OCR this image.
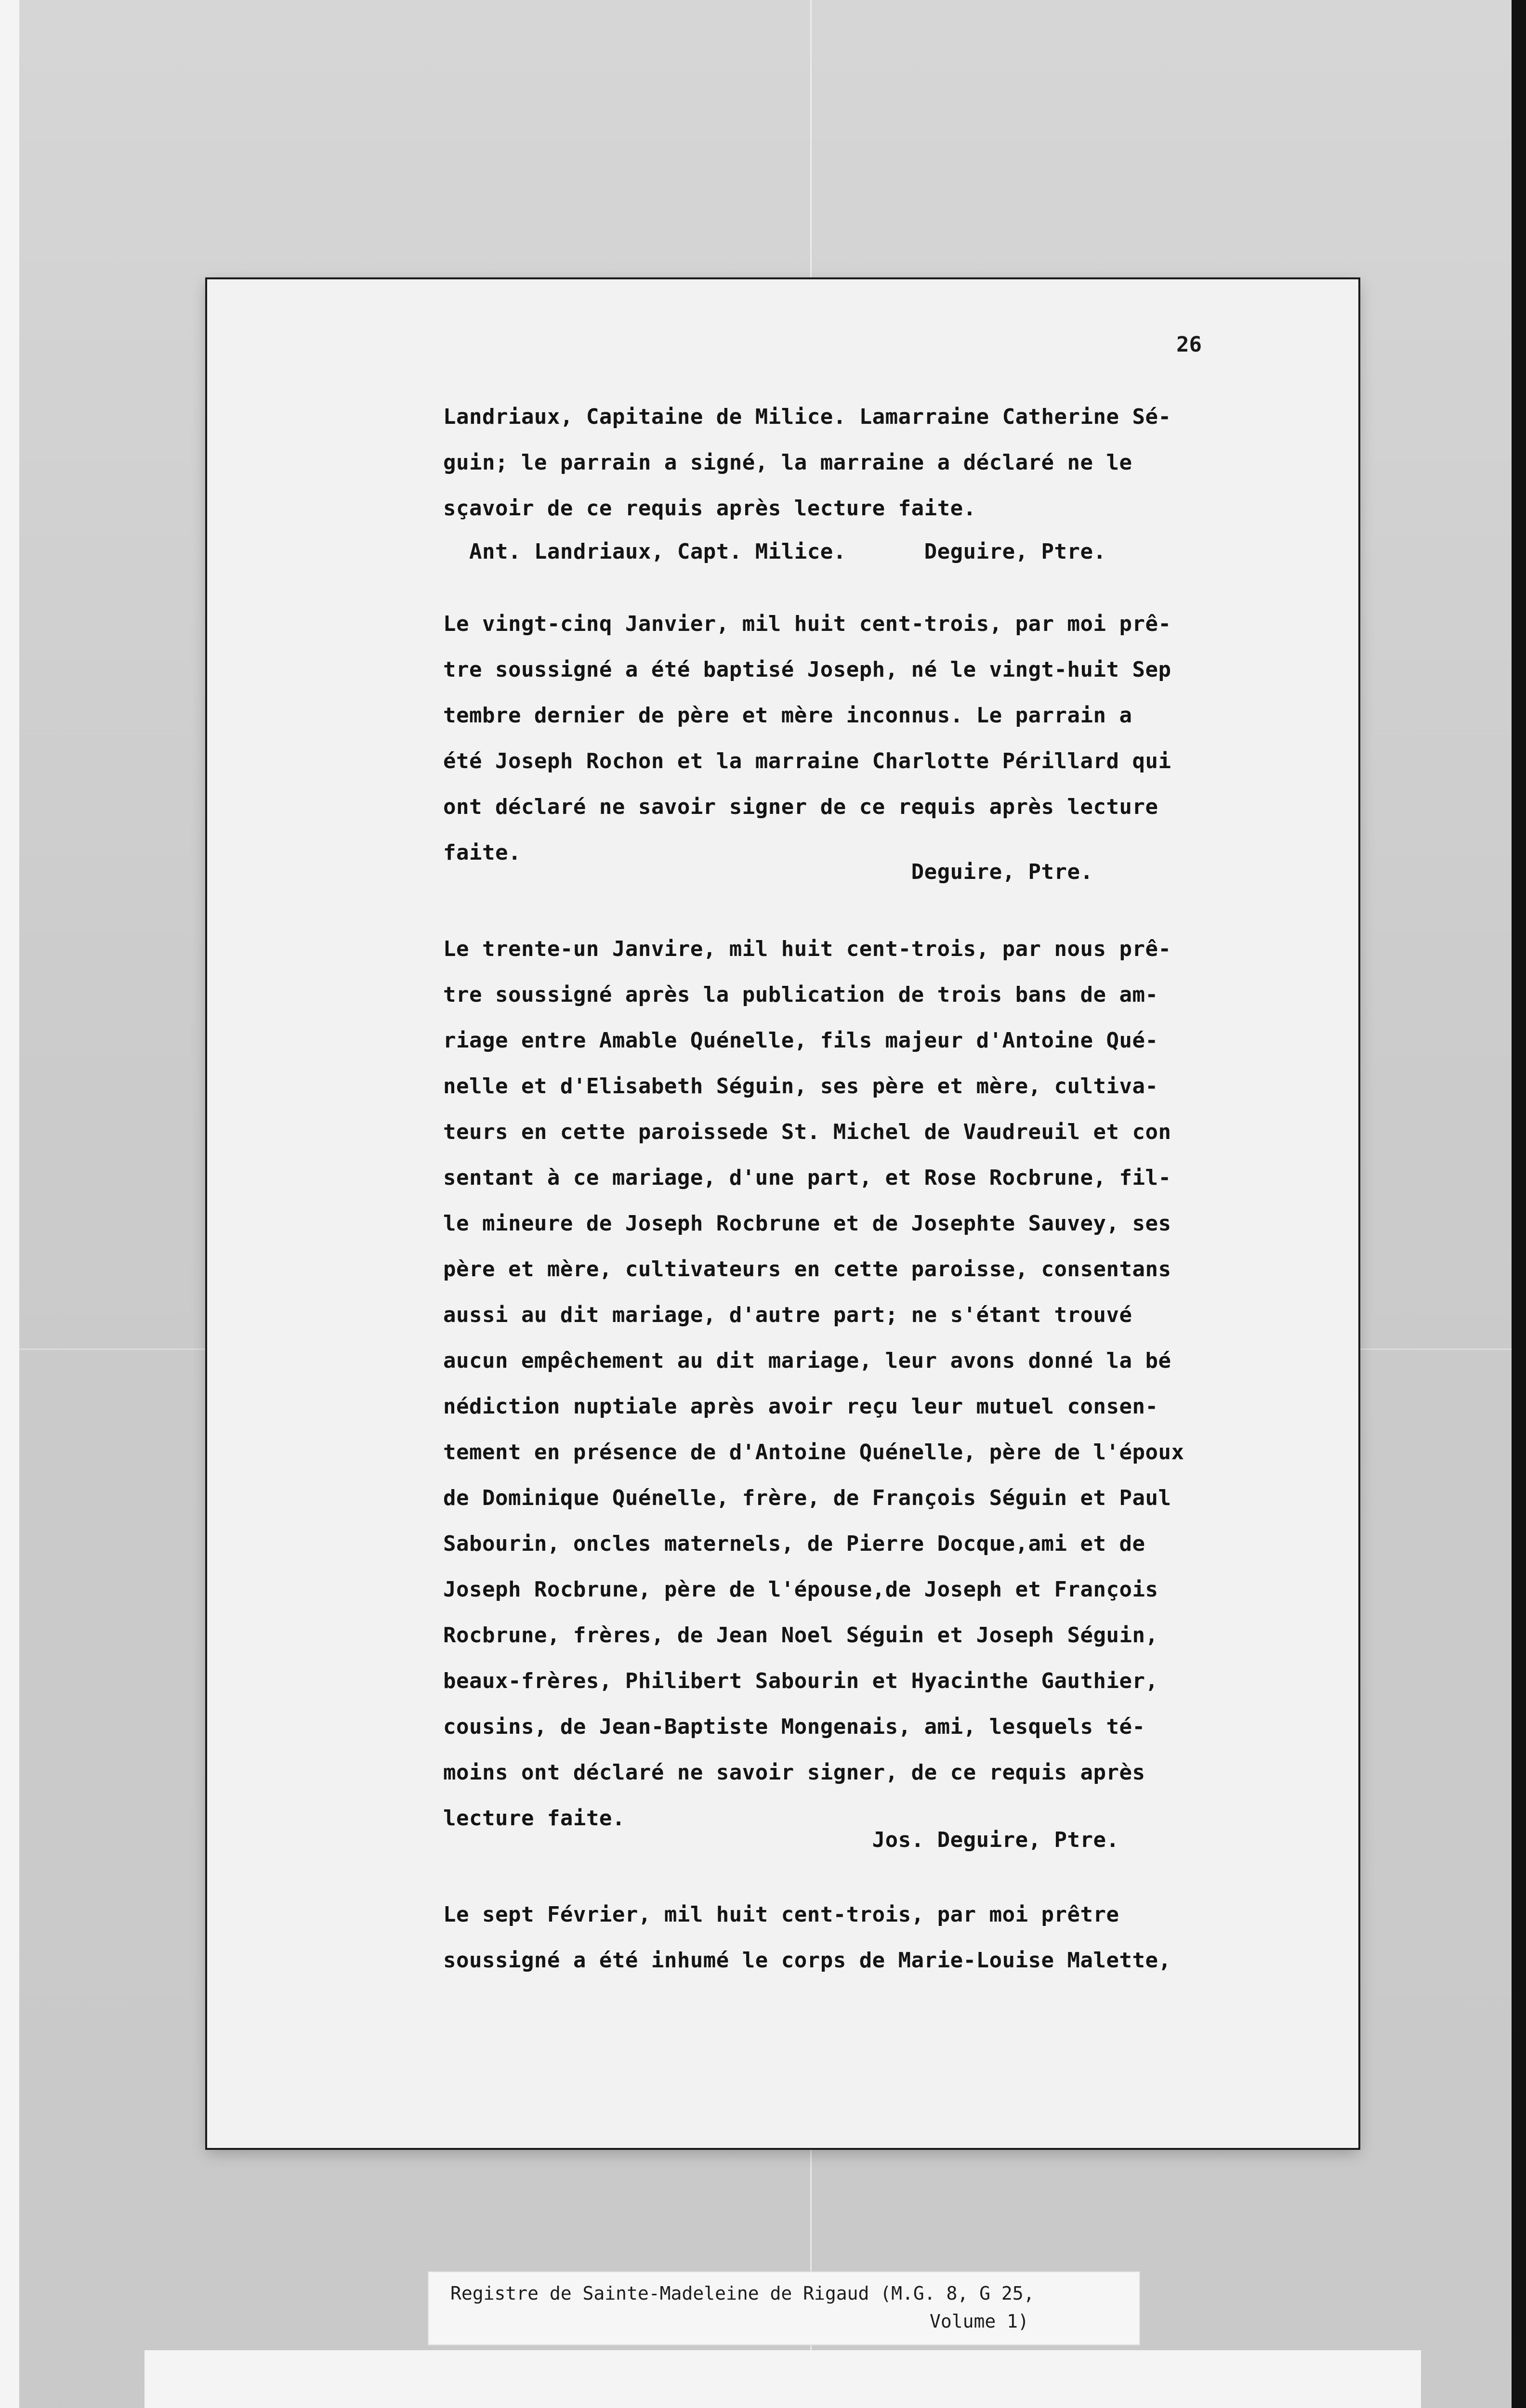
26
Landriaux, Capitaine de Milice. Lamarraine Catherine Sé-
guin; le parrain a signé, la marraine a déclaré ne le
sçavoir de ce requis après lecture faite.
Ant. Landriaux, Capt. Milice.      Deguire, Ptre.
Le vingt-cinq Janvier, mil huit cent-trois, par moi prê-
tre soussigné a été baptisé Joseph, né le vingt-huit Sep
tembre dernier de père et mère inconnus. Le parrain a
été Joseph Rochon et la marraine Charlotte Périllard qui
ont déclaré ne savoir signer de ce requis après lecture
faite.
Deguire, Ptre.
Le trente-un Janvire, mil huit cent-trois, par nous prê-
tre soussigné après la publication de trois bans de am-
riage entre Amable Quénelle, fils majeur d'Antoine Qué-
nelle et d'Elisabeth Séguin, ses père et mère, cultiva-
teurs en cette paroissede St. Michel de Vaudreuil et con
sentant à ce mariage, d'une part, et Rose Rocbrune, fil-
le mineure de Joseph Rocbrune et de Josephte Sauvey, ses
père et mère, cultivateurs en cette paroisse, consentans
aussi au dit mariage, d'autre part; ne s'étant trouvé
aucun empêchement au dit mariage, leur avons donné la bé
nédiction nuptiale après avoir reçu leur mutuel consen-
tement en présence de d'Antoine Quénelle, père de l'époux
de Dominique Quénelle, frère, de François Séguin et Paul
Sabourin, oncles maternels, de Pierre Docque,ami et de
Joseph Rocbrune, père de l'épouse,de Joseph et François
Rocbrune, frères, de Jean Noel Séguin et Joseph Séguin,
beaux-frères, Philibert Sabourin et Hyacinthe Gauthier,
cousins, de Jean-Baptiste Mongenais, ami, lesquels té-
moins ont déclaré ne savoir signer, de ce requis après
lecture faite.
Jos. Deguire, Ptre.
Le sept Février, mil huit cent-trois, par moi prêtre
soussigné a été inhumé le corps de Marie-Louise Malette,
Registre de Sainte-Madeleine de Rigaud (M.G. 8, G 25,
Volume 1)
